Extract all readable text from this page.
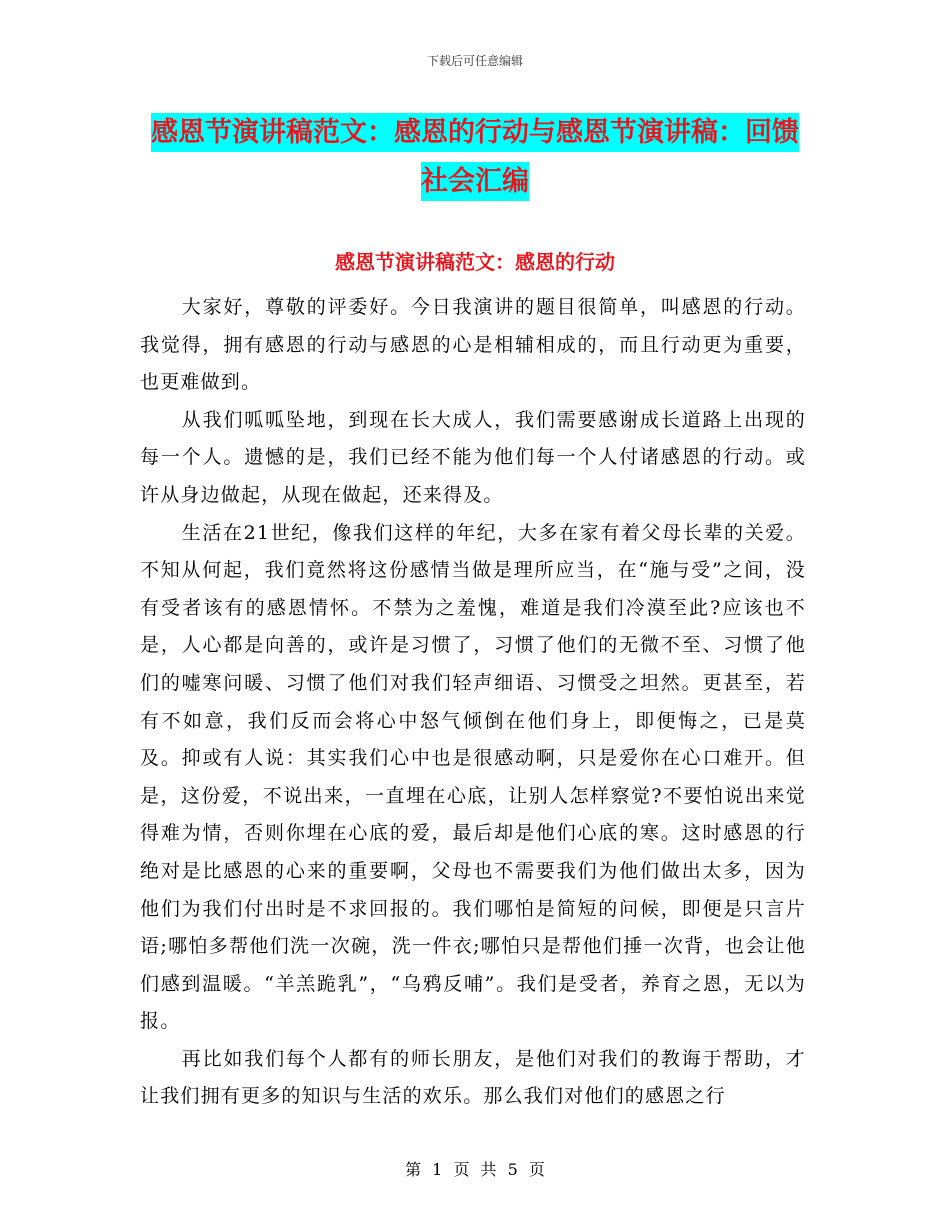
下载后可任意编辑
感恩节演讲稿范文：感恩的行动与感恩节演讲稿：回馈社会汇编
感恩节演讲稿范文：感恩的行动

大家好，尊敬的评委好。今日我演讲的题目很简单，叫感恩的行动。我觉得，拥有感恩的行动与感恩的心是相辅相成的，而且行动更为重要，也更难做到。

从我们呱呱坠地，到现在长大成人，我们需要感谢成长道路上出现的每一个人。遗憾的是，我们已经不能为他们每一个人付诸感恩的行动。或许从身边做起，从现在做起，还来得及。

生活在21世纪，像我们这样的年纪，大多在家有着父母长辈的关爱。不知从何起，我们竟然将这份感情当做是理所应当，在“施与受”之间，没有受者该有的感恩情怀。不禁为之羞愧，难道是我们冷漠至此?应该也不是，人心都是向善的，或许是习惯了，习惯了他们的无微不至、习惯了他们的嘘寒问暖、习惯了他们对我们轻声细语、习惯受之坦然。更甚至，若有不如意，我们反而会将心中怒气倾倒在他们身上，即便悔之，已是莫及。抑或有人说：其实我们心中也是很感动啊，只是爱你在心口难开。但是，这份爱，不说出来，一直埋在心底，让别人怎样察觉?不要怕说出来觉得难为情，否则你埋在心底的爱，最后却是他们心底的寒。这时感恩的行绝对是比感恩的心来的重要啊，父母也不需要我们为他们做出太多，因为他们为我们付出时是不求回报的。我们哪怕是简短的问候，即便是只言片语;哪怕多帮他们洗一次碗，洗一件衣;哪怕只是帮他们捶一次背，也会让他们感到温暖。“羊羔跪乳”，“乌鸦反哺”。我们是受者，养育之恩，无以为报。

再比如我们每个人都有的师长朋友，是他们对我们的教诲于帮助，才让我们拥有更多的知识与生活的欢乐。那么我们对他们的感恩之行

第 1 页 共 5 页
